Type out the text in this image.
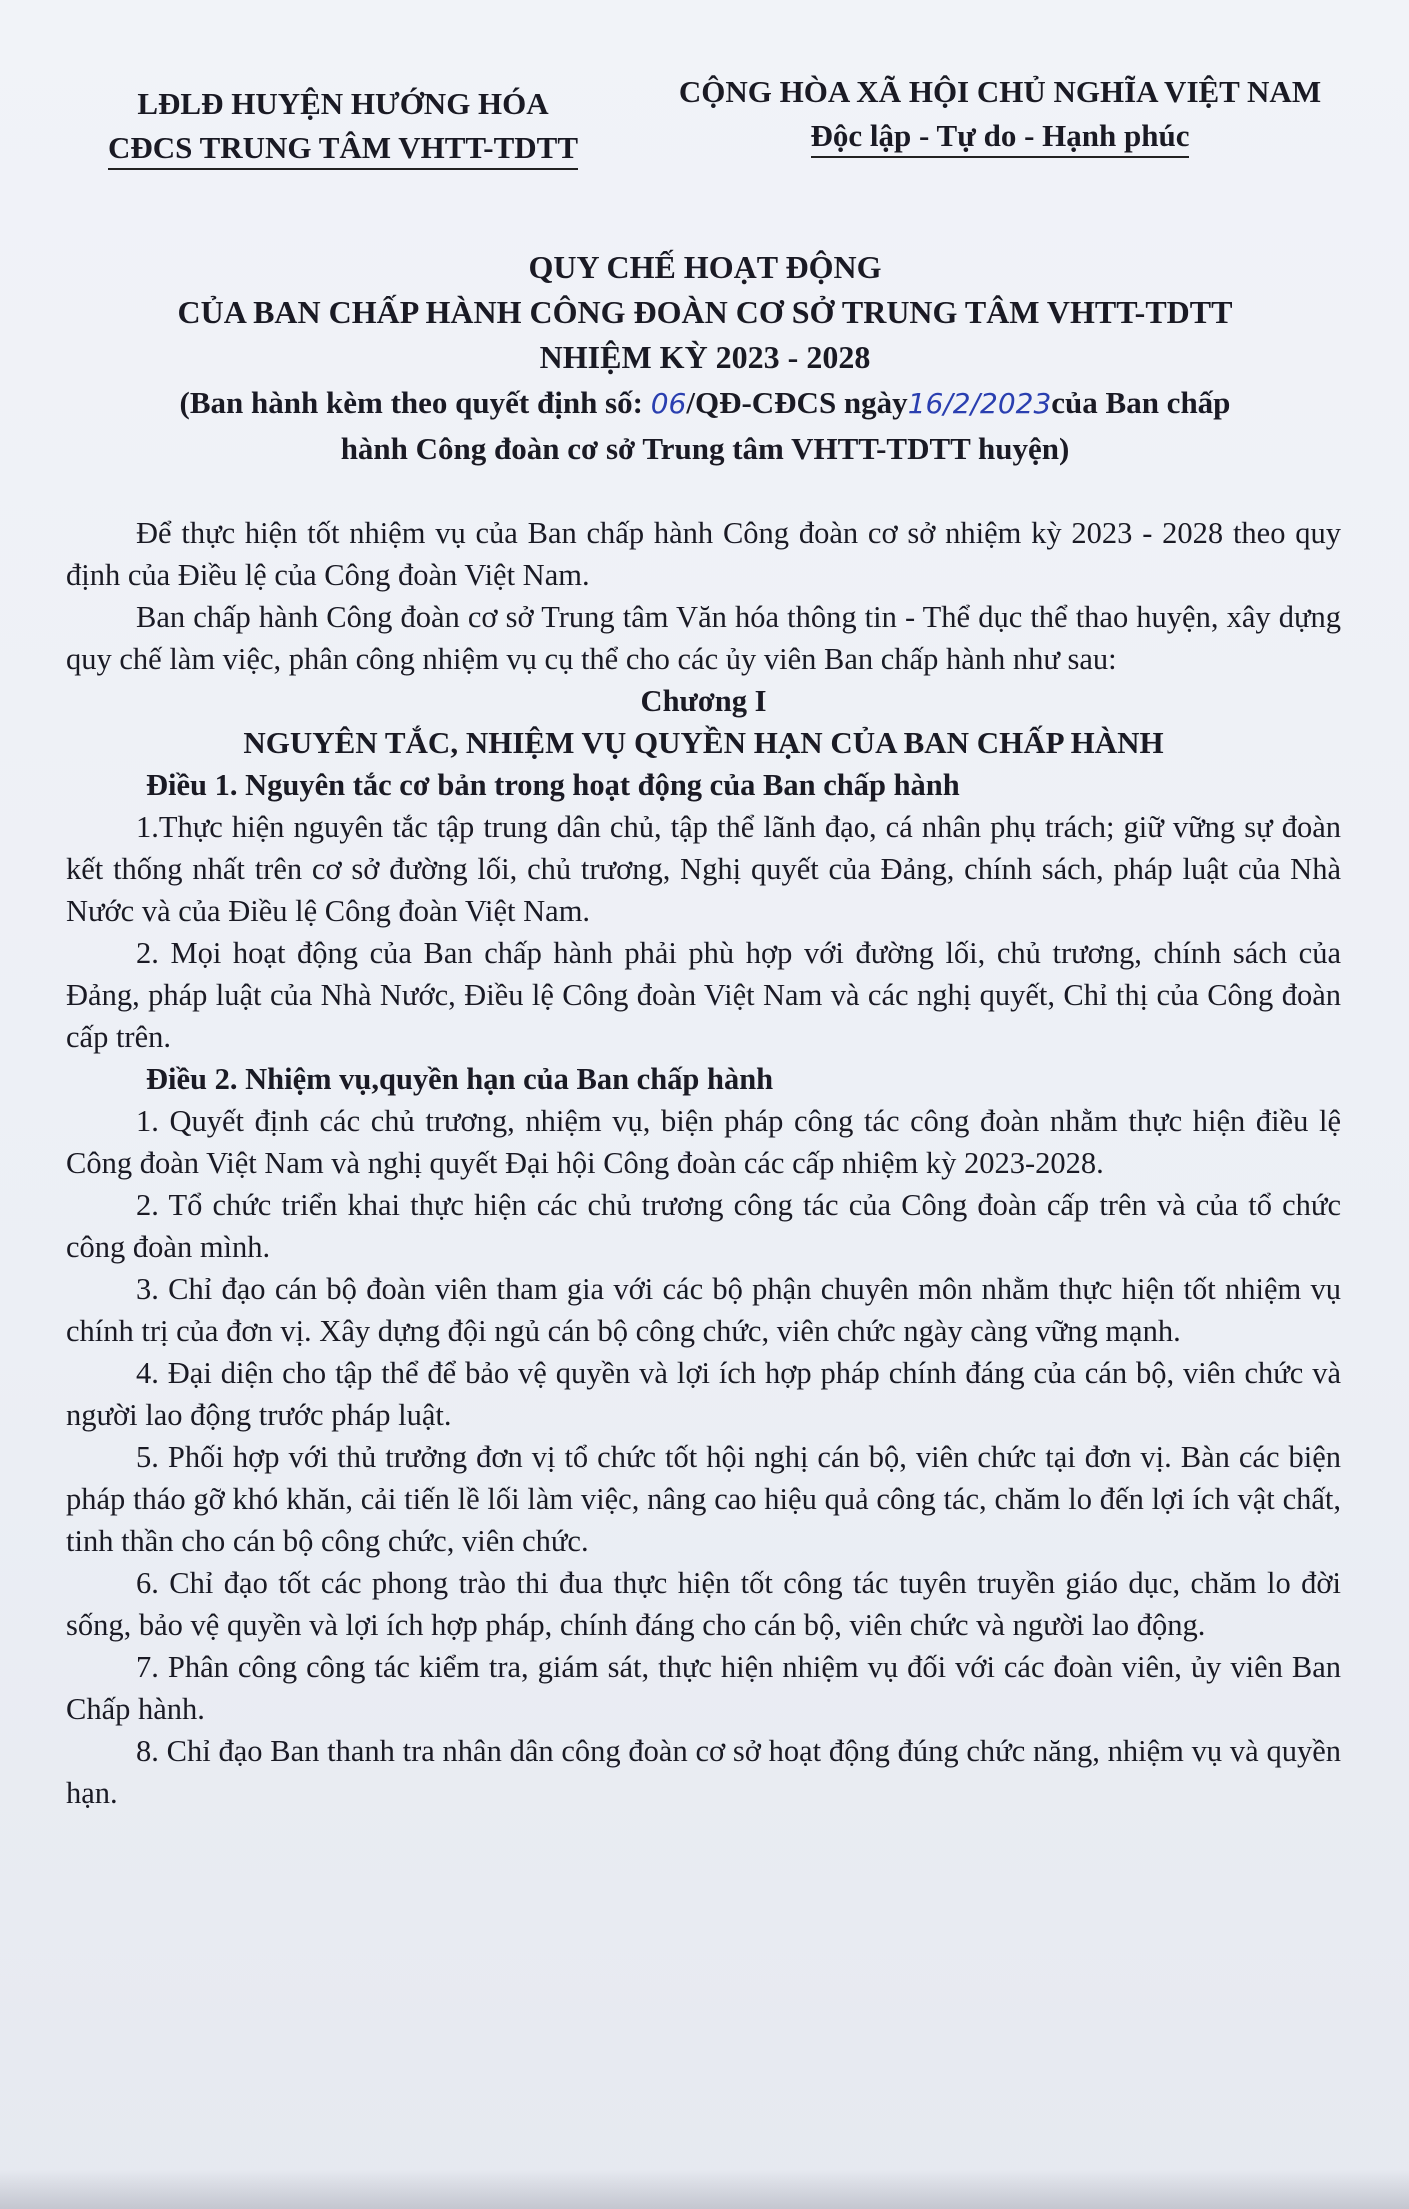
LĐLĐ HUYỆN HƯỚNG HÓA
CĐCS TRUNG TÂM VHTT-TDTT
CỘNG HÒA XÃ HỘI CHỦ NGHĨA VIỆT NAM
Độc lập - Tự do - Hạnh phúc
QUY CHẾ HOẠT ĐỘNG
CỦA BAN CHẤP HÀNH CÔNG ĐOÀN CƠ SỞ TRUNG TÂM VHTT-TDTT
NHIỆM KỲ 2023 - 2028
(Ban hành kèm theo quyết định số: 06/QĐ-CĐCS ngày16/2/2023của Ban chấp
hành Công đoàn cơ sở Trung tâm VHTT-TDTT huyện)

Để thực hiện tốt nhiệm vụ của Ban chấp hành Công đoàn cơ sở nhiệm kỳ 2023 - 2028 theo quy định của Điều lệ của Công đoàn Việt Nam.

Ban chấp hành Công đoàn cơ sở Trung tâm Văn hóa thông tin - Thể dục thể thao huyện, xây dựng quy chế làm việc, phân công nhiệm vụ cụ thể cho các ủy viên Ban chấp hành như sau:

Chương I

NGUYÊN TẮC, NHIỆM VỤ QUYỀN HẠN CỦA BAN CHẤP HÀNH

Điều 1. Nguyên tắc cơ bản trong hoạt động của Ban chấp hành

1.Thực hiện nguyên tắc tập trung dân chủ, tập thể lãnh đạo, cá nhân phụ trách; giữ vững sự đoàn kết thống nhất trên cơ sở đường lối, chủ trương, Nghị quyết của Đảng, chính sách, pháp luật của Nhà Nước và của Điều lệ Công đoàn Việt Nam.

2. Mọi hoạt động của Ban chấp hành phải phù hợp với đường lối, chủ trương, chính sách của Đảng, pháp luật của Nhà Nước, Điều lệ Công đoàn Việt Nam và các nghị quyết, Chỉ thị của Công đoàn cấp trên.

Điều 2. Nhiệm vụ,quyền hạn của Ban chấp hành

1. Quyết định các chủ trương, nhiệm vụ, biện pháp công tác công đoàn nhằm thực hiện điều lệ Công đoàn Việt Nam và nghị quyết Đại hội Công đoàn các cấp nhiệm kỳ 2023-2028.

2. Tổ chức triển khai thực hiện các chủ trương công tác của Công đoàn cấp trên và của tổ chức công đoàn mình.

3. Chỉ đạo cán bộ đoàn viên tham gia với các bộ phận chuyên môn nhằm thực hiện tốt nhiệm vụ chính trị của đơn vị. Xây dựng đội ngủ cán bộ công chức, viên chức ngày càng vững mạnh.

4. Đại diện cho tập thể để bảo vệ quyền và lợi ích hợp pháp chính đáng của cán bộ, viên chức và người lao động trước pháp luật.

5. Phối hợp với thủ trưởng đơn vị tổ chức tốt hội nghị cán bộ, viên chức tại đơn vị. Bàn các biện pháp tháo gỡ khó khăn, cải tiến lề lối làm việc, nâng cao hiệu quả công tác, chăm lo đến lợi ích vật chất, tinh thần cho cán bộ công chức, viên chức.

6. Chỉ đạo tốt các phong trào thi đua thực hiện tốt công tác tuyên truyền giáo dục, chăm lo đời sống, bảo vệ quyền và lợi ích hợp pháp, chính đáng cho cán bộ, viên chức và người lao động.

7. Phân công công tác kiểm tra, giám sát, thực hiện nhiệm vụ đối với các đoàn viên, ủy viên Ban Chấp hành.

8. Chỉ đạo Ban thanh tra nhân dân công đoàn cơ sở hoạt động đúng chức năng, nhiệm vụ và quyền hạn.
